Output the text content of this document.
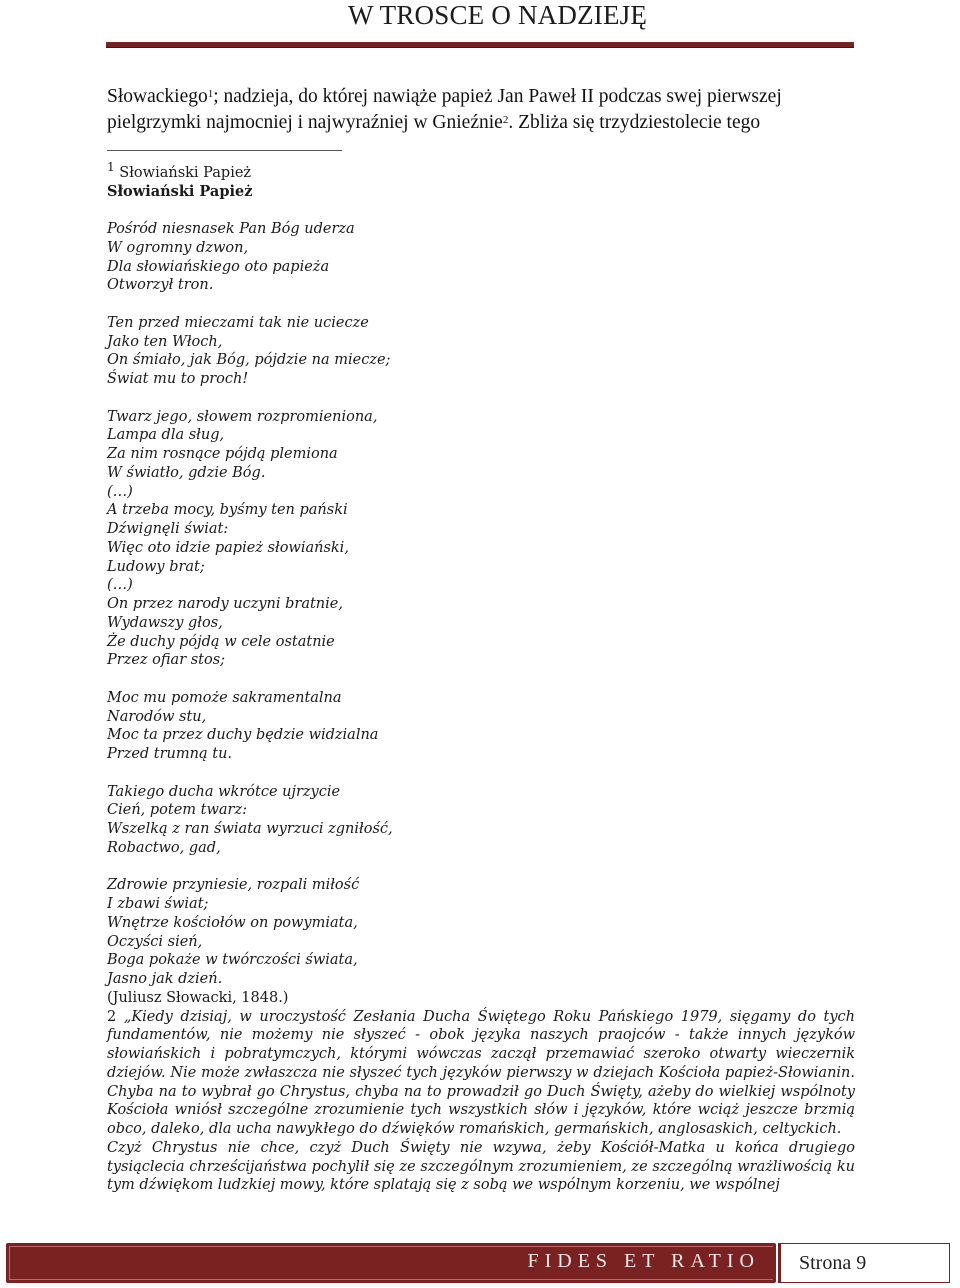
W TROSCE O NADZIEJĘ

Słowackiego$^1$; nadzieja, do której nawiąże papież Jan Paweł II podczas swej pierwszej

pielgrzymki najmocniej i najwyraźniej w Gnieźnie$^2$. Zbliża się trzydziestolecie tego

$^1$ Słowiański Papież
Słowiański Papież
Pośród niesnasek Pan Bóg uderza
W ogromny dzwon,
Dla słowiańskiego oto papieża
Otworzył tron.
Ten przed mieczami tak nie uciecze
Jako ten Włoch,
On śmiało, jak Bóg, pójdzie na miecze;
Świat mu to proch!
Twarz jego, słowem rozpromieniona,
Lampa dla sług,
Za nim rosnące pójdą plemiona
W światło, gdzie Bóg.
(…)
A trzeba mocy, byśmy ten pański
Dźwignęli świat:
Więc oto idzie papież słowiański,
Ludowy brat;
(…)
On przez narody uczyni bratnie,
Wydawszy głos,
Że duchy pójdą w cele ostatnie
Przez ofiar stos;
Moc mu pomoże sakramentalna
Narodów stu,
Moc ta przez duchy będzie widzialna
Przed trumną tu.
Takiego ducha wkrótce ujrzycie
Cień, potem twarz:
Wszelką z ran świata wyrzuci zgniłość,
Robactwo, gad,
Zdrowie przyniesie, rozpali miłość
I zbawi świat;
Wnętrze kościołów on powymiata,
Oczyści sień,
Boga pokaże w twórczości świata,
Jasno jak dzień.
(Juliusz Słowacki, 1848.)

2 „Kiedy dzisiaj, w uroczystość Zesłania Ducha Świętego Roku Pańskiego 1979, sięgamy do tych fundamentów, nie możemy nie słyszeć - obok języka naszych praojców - także innych języków słowiańskich i pobratymczych, którymi wówczas zaczął przemawiać szeroko otwarty wieczernik dziejów. Nie może zwłaszcza nie słyszeć tych języków pierwszy w dziejach Kościoła papież-Słowianin. Chyba na to wybrał go Chrystus, chyba na to prowadził go Duch Święty, ażeby do wielkiej wspólnoty Kościoła wniósł szczególne zrozumienie tych wszystkich słów i języków, które wciąż jeszcze brzmią obco, daleko, dla ucha nawykłego do dźwięków romańskich, germańskich, anglosaskich, celtyckich.

Czyż Chrystus nie chce, czyż Duch Święty nie wzywa, żeby Kościół-Matka u końca drugiego tysiąclecia chrześcijaństwa pochylił się ze szczególnym zrozumieniem, ze szczególną wrażliwością ku tym dźwiękom ludzkiej mowy, które splatają się z sobą we wspólnym korzeniu, we wspólnej

FIDES ET RATIO Strona 9
